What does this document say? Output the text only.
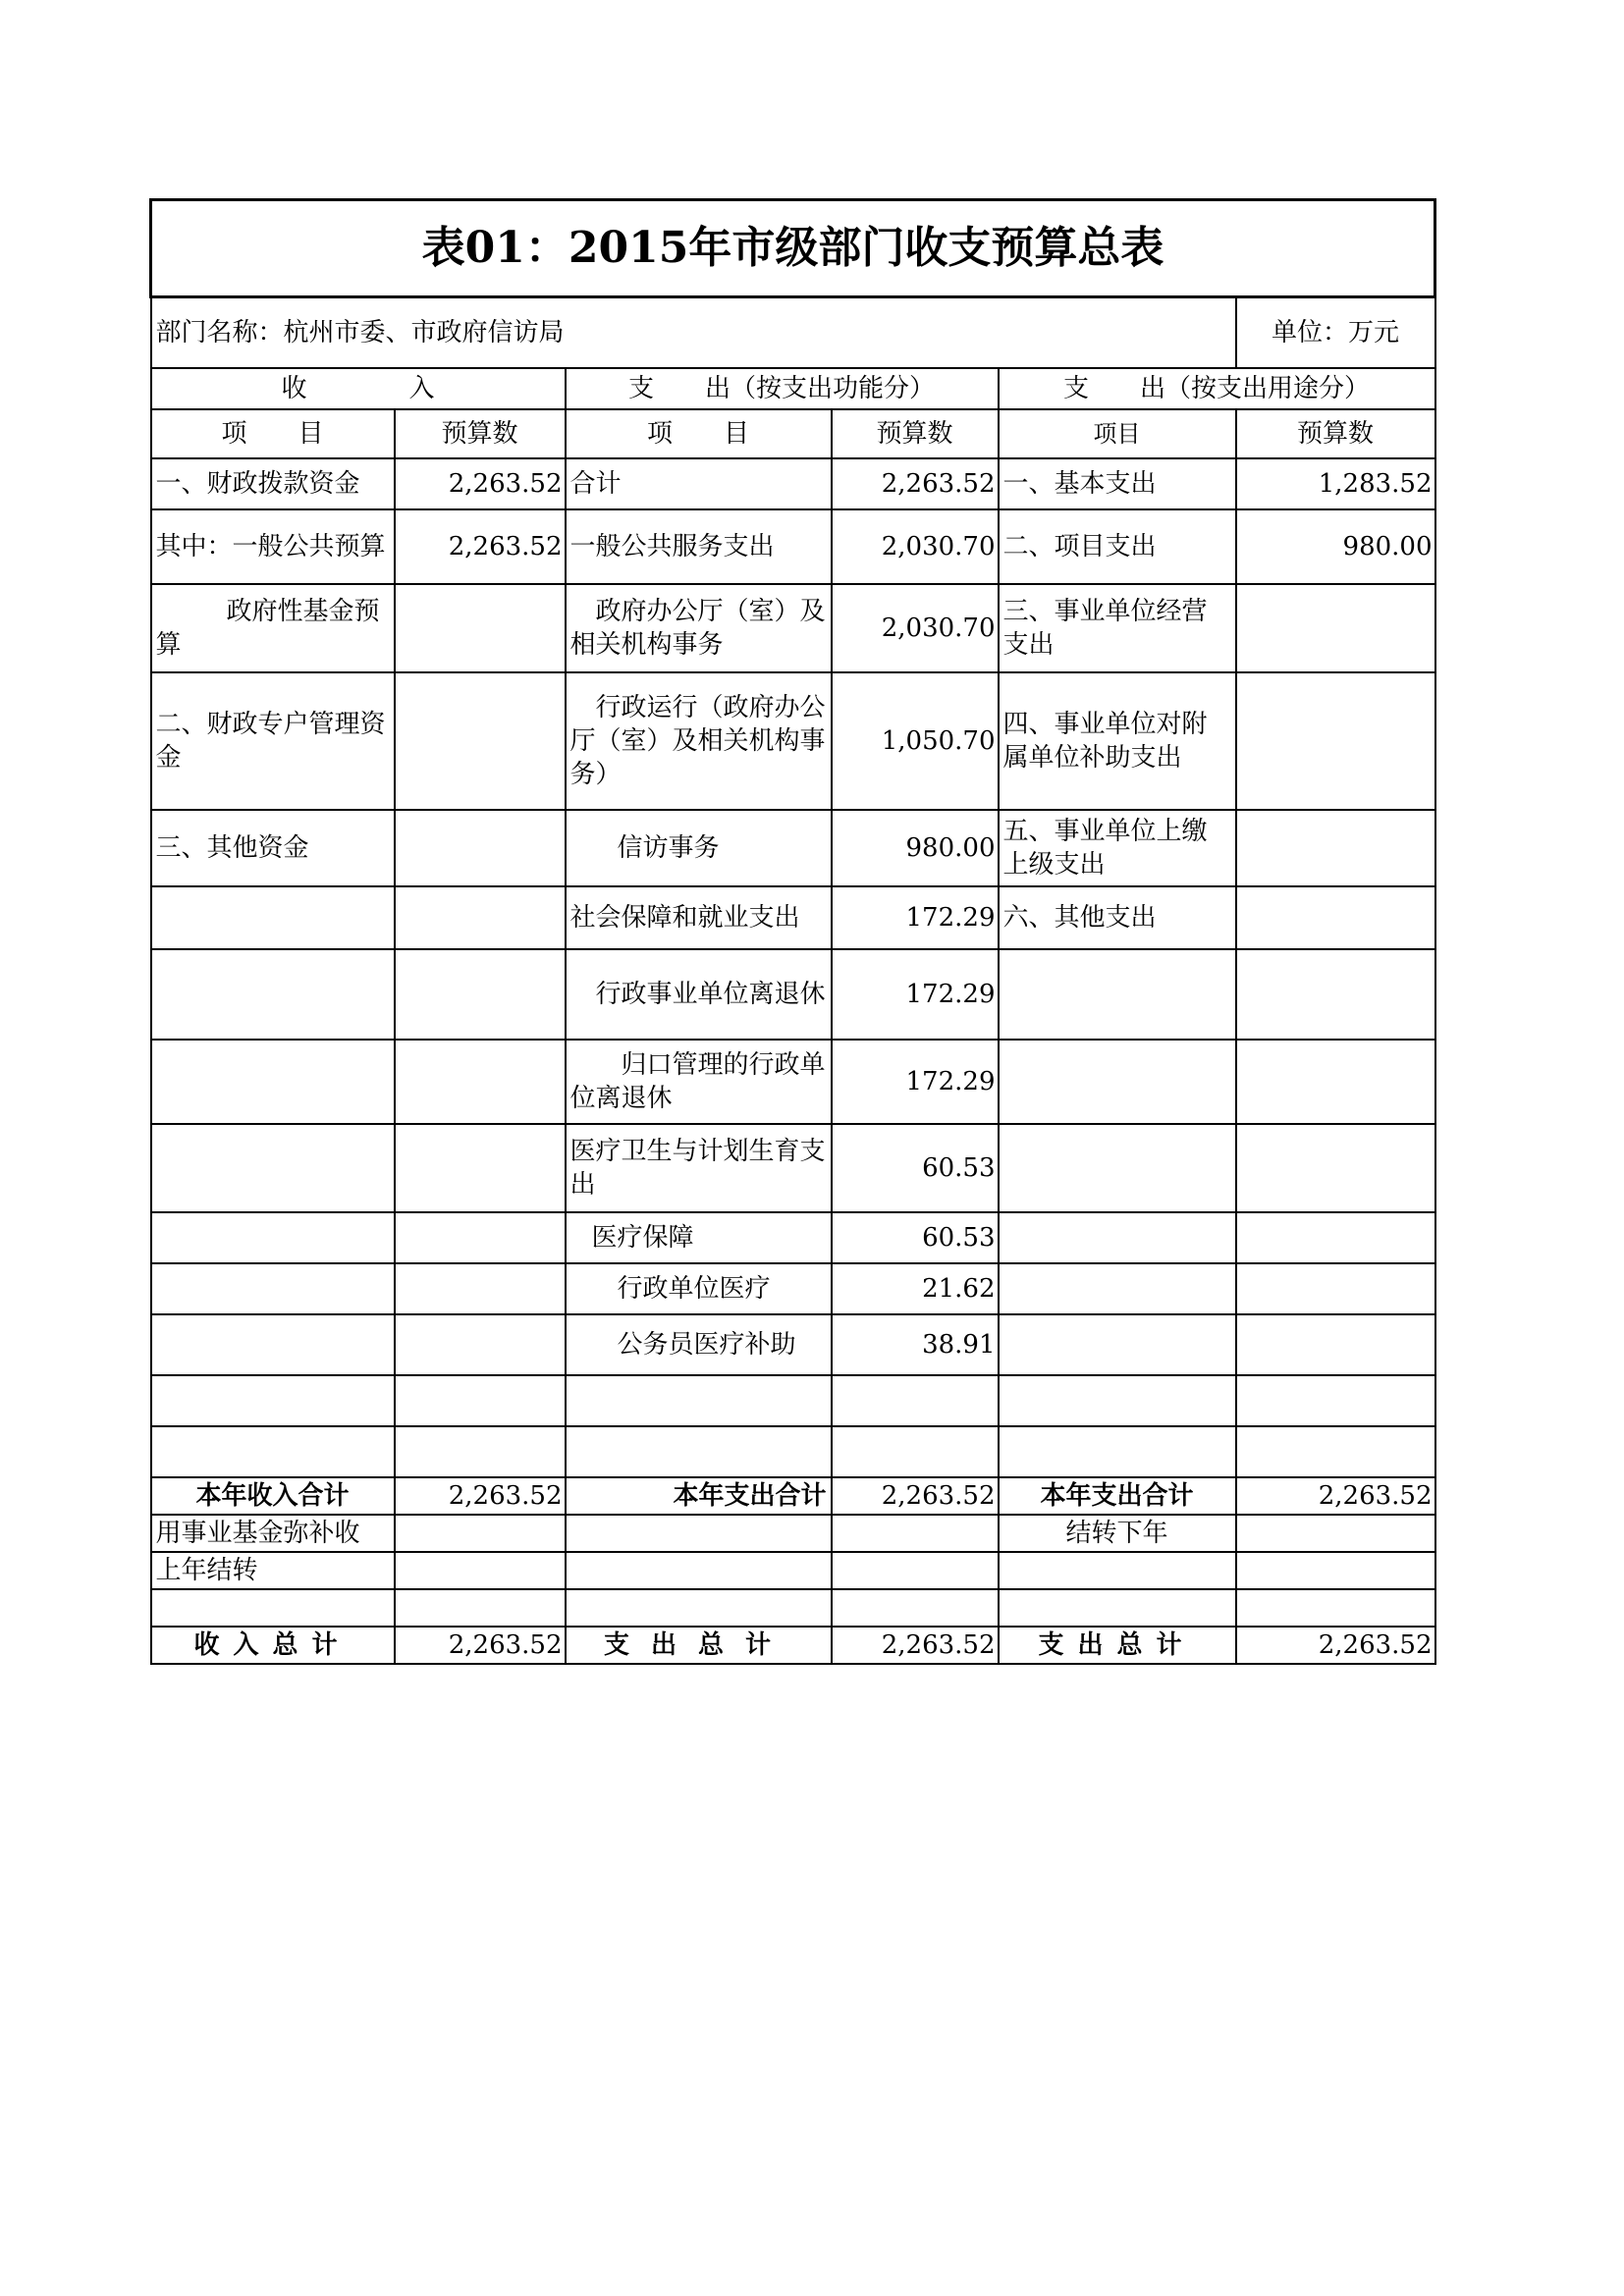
表01：2015年市级部门收支预算总表					
部门名称：杭州市委、市政府信访局					单位：万元
收　　　　入		支　　出（按支出功能分）		支　　出（按支出用途分）	
项　　目	预算数	项　　目	预算数	项目	预算数
一、财政拨款资金	2,263.52	合计	2,263.52	一、基本支出	1,283.52
其中：一般公共预算	2,263.52	一般公共服务支出	2,030.70	二、项目支出	980.00
政府性基金预算		政府办公厅（室）及相关机构事务	2,030.70	三、事业单位经营支出	
二、财政专户管理资金		行政运行（政府办公厅（室）及相关机构事务）	1,050.70	四、事业单位对附属单位补助支出	
三、其他资金		信访事务	980.00	五、事业单位上缴上级支出	
		社会保障和就业支出	172.29	六、其他支出	
		行政事业单位离退休	172.29		
		归口管理的行政单位离退休	172.29		
		医疗卫生与计划生育支出	60.53		
		医疗保障	60.53		
		行政单位医疗	21.62		
		公务员医疗补助	38.91		

本年收入合计	2,263.52	本年支出合计	2,263.52	本年支出合计	2,263.52
用事业基金弥补收				结转下年	
上年结转					

收入总计	2,263.52	支出总计	2,263.52	支出总计	2,263.52
